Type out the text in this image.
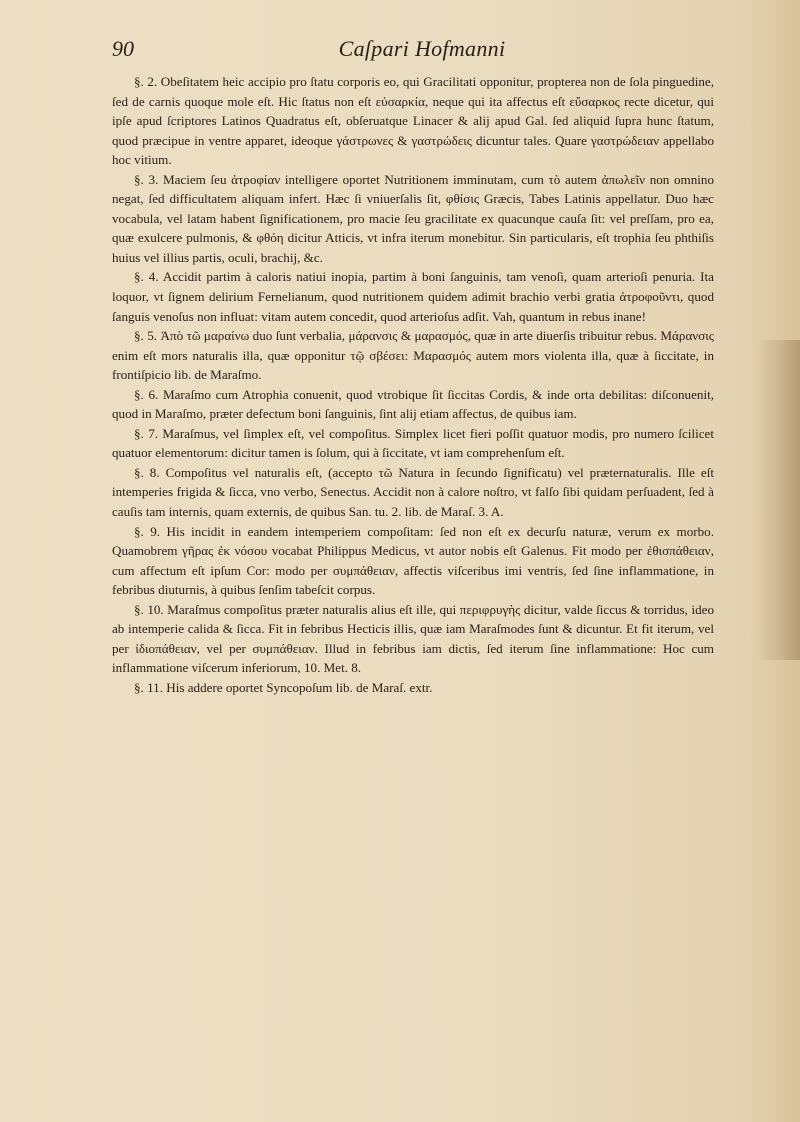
90	Caſpari Hofmanni

§. 2. Obeſitatem heic accipio pro ſtatu corporis eo, qui Gracilitati opponitur, propterea non de ſola pinguedine, ſed de carnis quoque mole eſt. Hic ſtatus non eſt εὐσαρκία, neque qui ita affectus eſt εὔσαρκος recte dicetur, qui ipſe apud ſcriptores Latinos Quadratus eſt, obſeruatque Linacer & alij apud Gal. ſed aliquid ſupra hunc ſtatum, quod præcipue in ventre apparet, ideoque γάστρωνες & γαστρώδεις dicuntur tales. Quare γαστρώδειαν appellabo hoc vitium.

§. 3. Maciem ſeu ἀτροφίαν intelligere oportet Nutritionem imminutam, cum τὸ autem ἀπωλεῖν non omnino negat, ſed difficultatem aliquam infert. Hæc ſi vniuerſalis ſit, φθίσις Græcis, Tabes Latinis appellatur. Duo hæc vocabula, vel latam habent ſignificationem, pro macie ſeu gracilitate ex quacunque cauſa ſit: vel preſſam, pro ea, quæ exulcere pulmonis, & φθόη dicitur Atticis, vt infra iterum monebitur. Sin particularis, eſt trophia ſeu phthiſis huius vel illius partis, oculi, brachij, &c.

§. 4. Accidit partim à caloris natiui inopia, partim à boni ſanguinis, tam venoſi, quam arterioſi penuria. Ita loquor, vt ſignem delirium Fernelianum, quod nutritionem quidem adimit brachio verbi gratia ἀτροφοῦντι, quod ſanguis venoſus non influat: vitam autem concedit, quod arterioſus adſit. Vah, quantum in rebus inane!

§. 5. Ἀπὸ τῶ μαραίνω duo ſunt verbalia, μάρανσις & μαρασμός, quæ in arte diuerſis tribuitur rebus. Μάρανσις enim eſt mors naturalis illa, quæ opponitur τῷ σβέσει: Μαρασμός autem mors violenta illa, quæ à ſiccitate, in frontiſpicio lib. de Maraſmo.

§. 6. Maraſmo cum Atrophia conuenit, quod vtrobique ſit ſiccitas Cordis, & inde orta debilitas: diſconuenit, quod in Maraſmo, præter defectum boni ſanguinis, ſint alij etiam affectus, de quibus iam.

§. 7. Maraſmus, vel ſimplex eſt, vel compoſitus. Simplex licet fieri poſſit quatuor modis, pro numero ſcilicet quatuor elementorum: dicitur tamen is ſolum, qui à ſiccitate, vt iam comprehenſum eſt.

§. 8. Compoſitus vel naturalis eſt, (accepto τῶ Natura in ſecundo ſignificatu) vel præternaturalis. Ille eſt intemperies frigida & ſicca, vno verbo, Senectus. Accidit non à calore noſtro, vt falſo ſibi quidam perſuadent, ſed à cauſis tam internis, quam externis, de quibus San. tu. 2. lib. de Maraſ. 3. A.

§. 9. His incidit in eandem intemperiem compoſitam: ſed non eſt ex decurſu naturæ, verum ex morbo. Quamobrem γῆρας ἐκ νόσου vocabat Philippus Medicus, vt autor nobis eſt Galenus. Fit modo per ἐθισπάθειαν, cum affectum eſt ipſum Cor: modo per συμπάθειαν, affectis viſceribus imi ventris, ſed ſine inflammatione, in febribus diuturnis, à quibus ſenſim tabeſcit corpus.

§. 10. Maraſmus compoſitus præter naturalis alius eſt ille, qui περιφρυγὴς dicitur, valde ſiccus & torridus, ideo ab intemperie calida & ſicca. Fit in febribus Hecticis illis, quæ iam Maraſmodes ſunt & dicuntur. Et fit iterum, vel per ἰδιοπάθειαν, vel per συμπάθειαν. Illud in febribus iam dictis, ſed iterum ſine inflammatione: Hoc cum inflammatione viſcerum inferiorum, 10. Met. 8.

§. 11. His addere oportet Syncopoſum lib. de Maraſ. extr.
